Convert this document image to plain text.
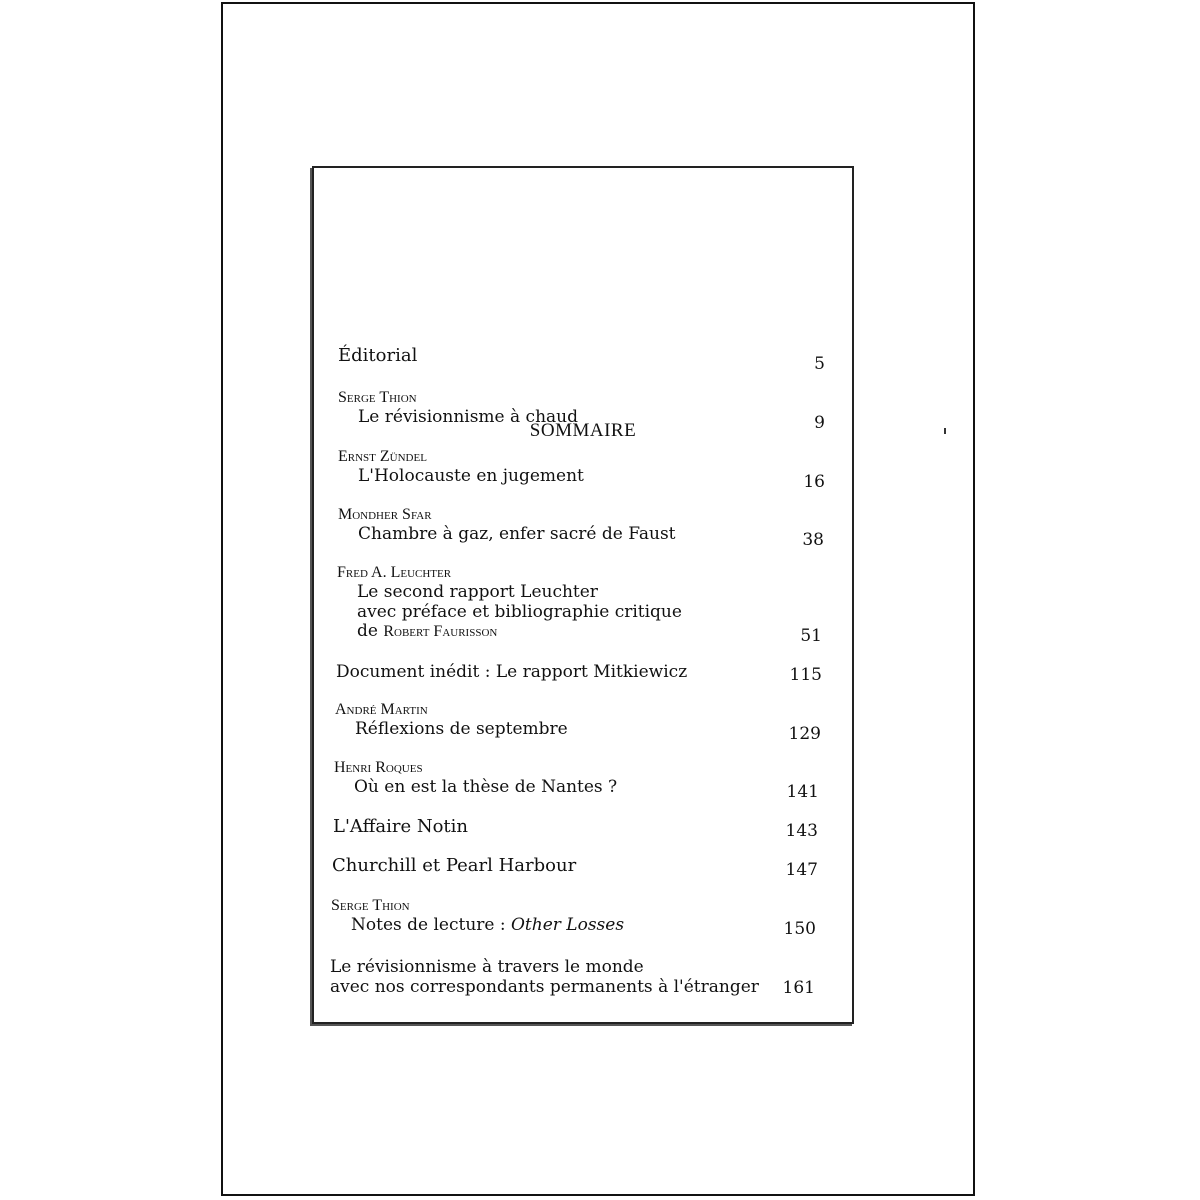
SOMMAIRE
Éditorial	5
Serge Thion
Le révisionnisme à chaud	9
Ernst Zündel
L'Holocauste en jugement	16
Mondher Sfar
Chambre à gaz, enfer sacré de Faust	38
Fred A. Leuchter
Le second rapport Leuchter
avec préface et bibliographie critique
de Robert Faurisson	51
Document inédit : Le rapport Mitkiewicz	115
André Martin
Réflexions de septembre	129
Henri Roques
Où en est la thèse de Nantes ?	141
L'Affaire Notin	143
Churchill et Pearl Harbour	147
Serge Thion
Notes de lecture : Other Losses	150
Le révisionnisme à travers le monde
avec nos correspondants permanents à l'étranger	161
